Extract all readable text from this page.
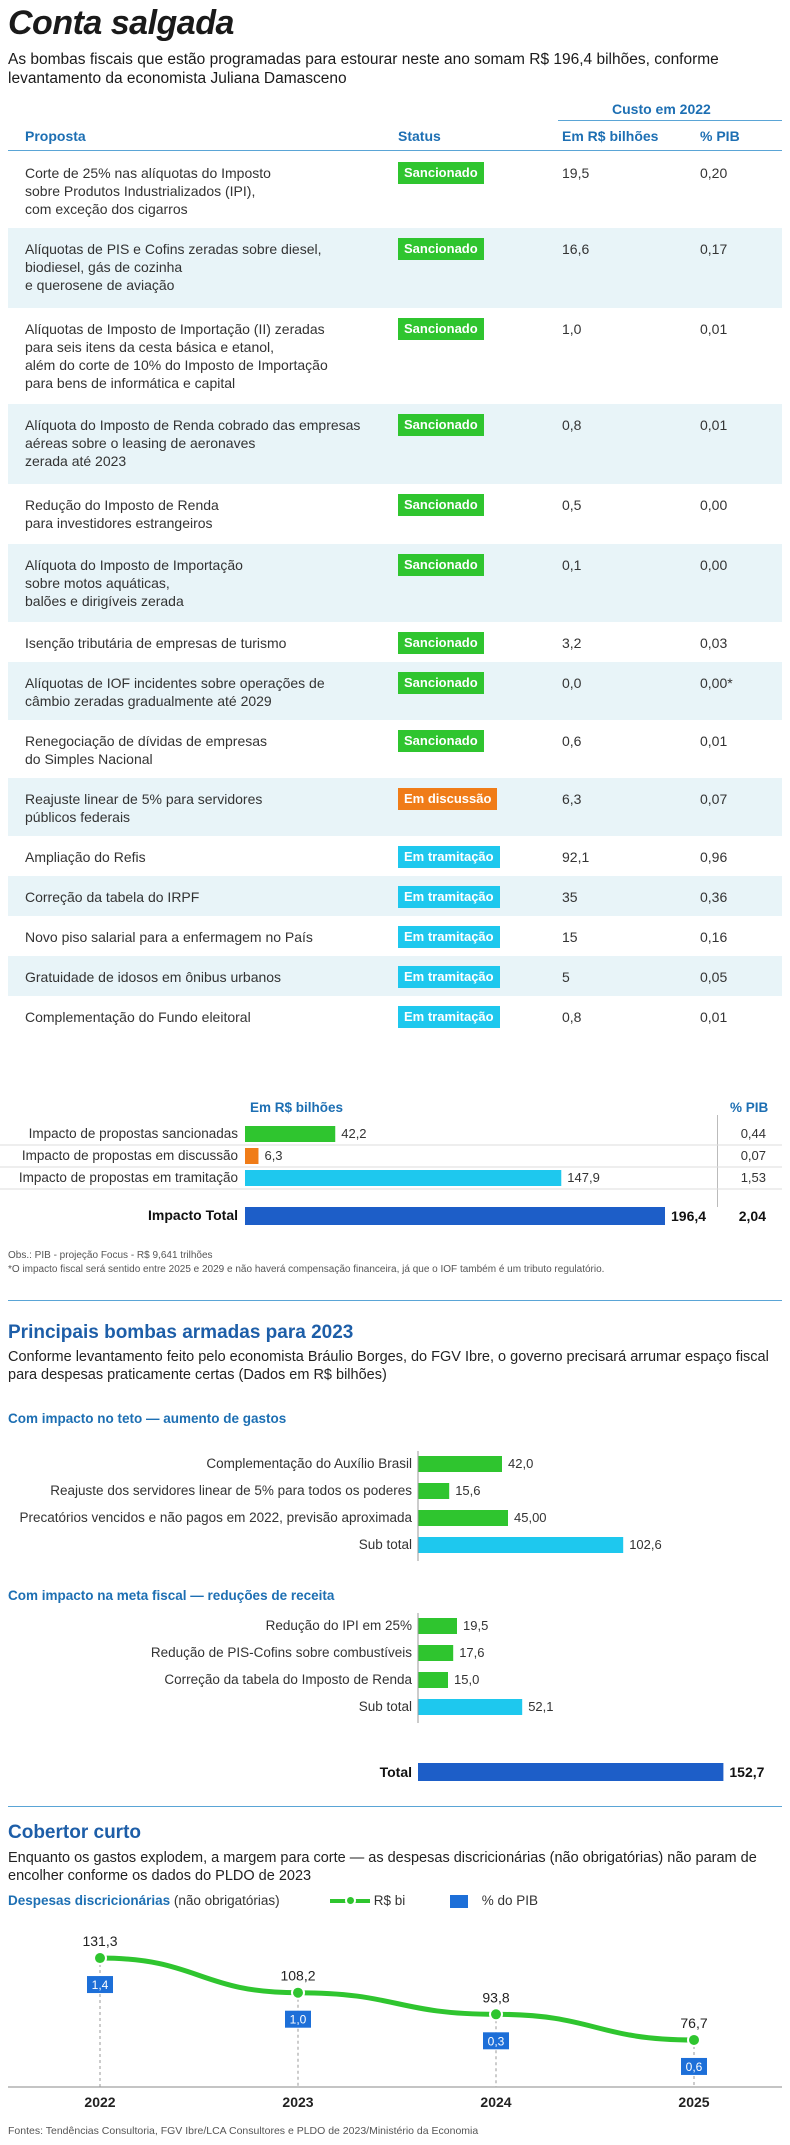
Conta salgada
As bombas fiscais que estão programadas para estourar neste ano somam R$ 196,4 bilhões, conforme levantamento da economista Juliana Damasceno
Custo em 2022
Proposta	Status	Em R$ bilhões	% PIB
Corte de 25% nas alíquotas do Imposto
sobre Produtos Industrializados (IPI),
com exceção dos cigarros
Sancionado	19,5	0,20
Alíquotas de PIS e Cofins zeradas sobre diesel,
biodiesel, gás de cozinha
e querosene de aviação
Sancionado	16,6	0,17
Alíquotas de Imposto de Importação (II) zeradas
para seis itens da cesta básica e etanol,
além do corte de 10% do Imposto de Importação
para bens de informática e capital
Sancionado	1,0	0,01
Alíquota do Imposto de Renda cobrado das empresas
aéreas sobre o leasing de aeronaves
zerada até 2023
Sancionado	0,8	0,01
Redução do Imposto de Renda
para investidores estrangeiros
Sancionado	0,5	0,00
Alíquota do Imposto de Importação
sobre motos aquáticas,
balões e dirigíveis zerada
Sancionado	0,1	0,00
Isenção tributária de empresas de turismo	Sancionado	3,2	0,03
Alíquotas de IOF incidentes sobre operações de
câmbio zeradas gradualmente até 2029
Sancionado	0,0	0,00*
Renegociação de dívidas de empresas
do Simples Nacional
Sancionado	0,6	0,01
Reajuste linear de 5% para servidores
públicos federais
Em discussão	6,3	0,07
Ampliação do Refis	Em tramitação	92,1	0,96
Correção da tabela do IRPF	Em tramitação	35	0,36
Novo piso salarial para a enfermagem no País	Em tramitação	15	0,16
Gratuidade de idosos em ônibus urbanos	Em tramitação	5	0,05
Complementação do Fundo eleitoral	Em tramitação	0,8	0,01
Em R$ bilhões	% PIB
Impacto de propostas sancionadas	42,2	0,44
Impacto de propostas em discussão 6,3	0,07
Impacto de propostas em tramitação	147,9	1,53
Impacto Total	196,4 2,04
Obs.: PIB - projeção Focus - R$ 9,641 trilhões
*O impacto fiscal será sentido entre 2025 e 2029 e não haverá compensação financeira, já que o IOF também é um tributo regulatório.
Principais bombas armadas para 2023
Conforme levantamento feito pelo economista Bráulio Borges, do FGV Ibre, o governo precisará arrumar espaço fiscal para despesas praticamente certas (Dados em R$ bilhões)
Com impacto no teto — aumento de gastos
Complementação do Auxílio Brasil	42,0
Reajuste dos servidores linear de 5% para todos os poderes	15,6
Precatórios vencidos e não pagos em 2022, previsão aproximada	45,00
Sub total	102,6
Com impacto na meta fiscal — reduções de receita
Redução do IPI em 25%	19,5
Redução de PIS-Cofins sobre combustíveis	17,6
Correção da tabela do Imposto de Renda	15,0
Sub total	52,1
Total	152,7
Cobertor curto
Enquanto os gastos explodem, a margem para corte — as despesas discricionárias (não obrigatórias) não param de encolher conforme os dados do PLDO de 2023
Despesas discricionárias (não obrigatórias)	R$ bi	% do PIB
131,3
1,4
2022
108,2
1,0
2023
93,8
0,3
2024
76,7
0,6
2025
Fontes: Tendências Consultoria, FGV Ibre/LCA Consultores e PLDO de 2023/Ministério da Economia
